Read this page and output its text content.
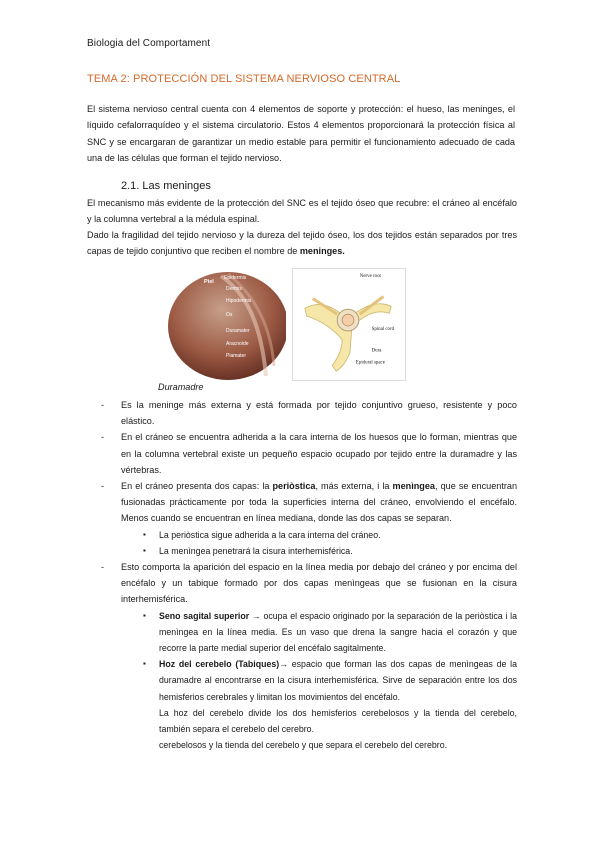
Biologia del Comportament
TEMA 2: PROTECCIÓN DEL SISTEMA NERVIOSO CENTRAL
El sistema nervioso central cuenta con 4 elementos de soporte y protección: el hueso, las meninges, el líquido cefalorraquídeo y el sistema circulatorio. Estos 4 elementos proporcionará la protección física al SNC y se encargaran de garantizar un medio estable para permitir el funcionamiento adecuado de cada una de las células que forman el tejido nervioso.
2.1. Las meninges
El mecanismo más evidente de la protección del SNC es el tejido óseo que recubre: el cráneo al encéfalo y la columna vertebral a la médula espinal.
Dado la fragilidad del tejido nervioso y la dureza del tejido óseo, los dos tejidos están separados por tres capas de tejido conjuntivo que reciben el nombre de meninges.
Piel
Epidermis
Dermis
Hipodermis
Os
Duramater
Aracnoide
Piamater
Nerve root
Spinal cord
Dura
Epidural space
Duramadre
- Es la meninge más externa y está formada por tejido conjuntivo grueso, resistente y poco elástico.
- En el cráneo se encuentra adherida a la cara interna de los huesos que lo forman, mientras que en la columna vertebral existe un pequeño espacio ocupado por tejido entre la duramadre y las vértebras.
- En el cráneo presenta dos capas: la periòstica, más externa, i la menìngea, que se encuentran fusionadas prácticamente por toda la superficies interna del cráneo, envolviendo el encéfalo. Menos cuando se encuentran en línea mediana, donde las dos capas se separan.
▪ La periòstica sigue adherida a la cara interna del cráneo.
▪ La menìngea penetrará la cisura interhemisférica.
- Esto comporta la aparición del espacio en la línea media por debajo del cráneo y por encima del encéfalo y un tabique formado por dos capas menìngeas que se fusionan en la cisura interhemisférica.
▪ Seno sagital superior → ocupa el espacio originado por la separación de la periòstica i la menìngea en la línea media. Es un vaso que drena la sangre hacia el corazón y que recorre la parte medial superior del encéfalo sagitalmente.
▪ Hoz del cerebelo (Tabiques)→ espacio que forman las dos capas de menìngeas de la duramadre al encontrarse en la cisura interhemisférica. Sirve de separación entre los dos hemisferios cerebrales y limitan los movimientos del encéfalo.
La hoz del cerebelo divide los dos hemisferios cerebelosos y la tienda del cerebelo, también separa el cerebelo del cerebro.
cerebelosos y la tienda del cerebelo y que separa el cerebelo del cerebro.
